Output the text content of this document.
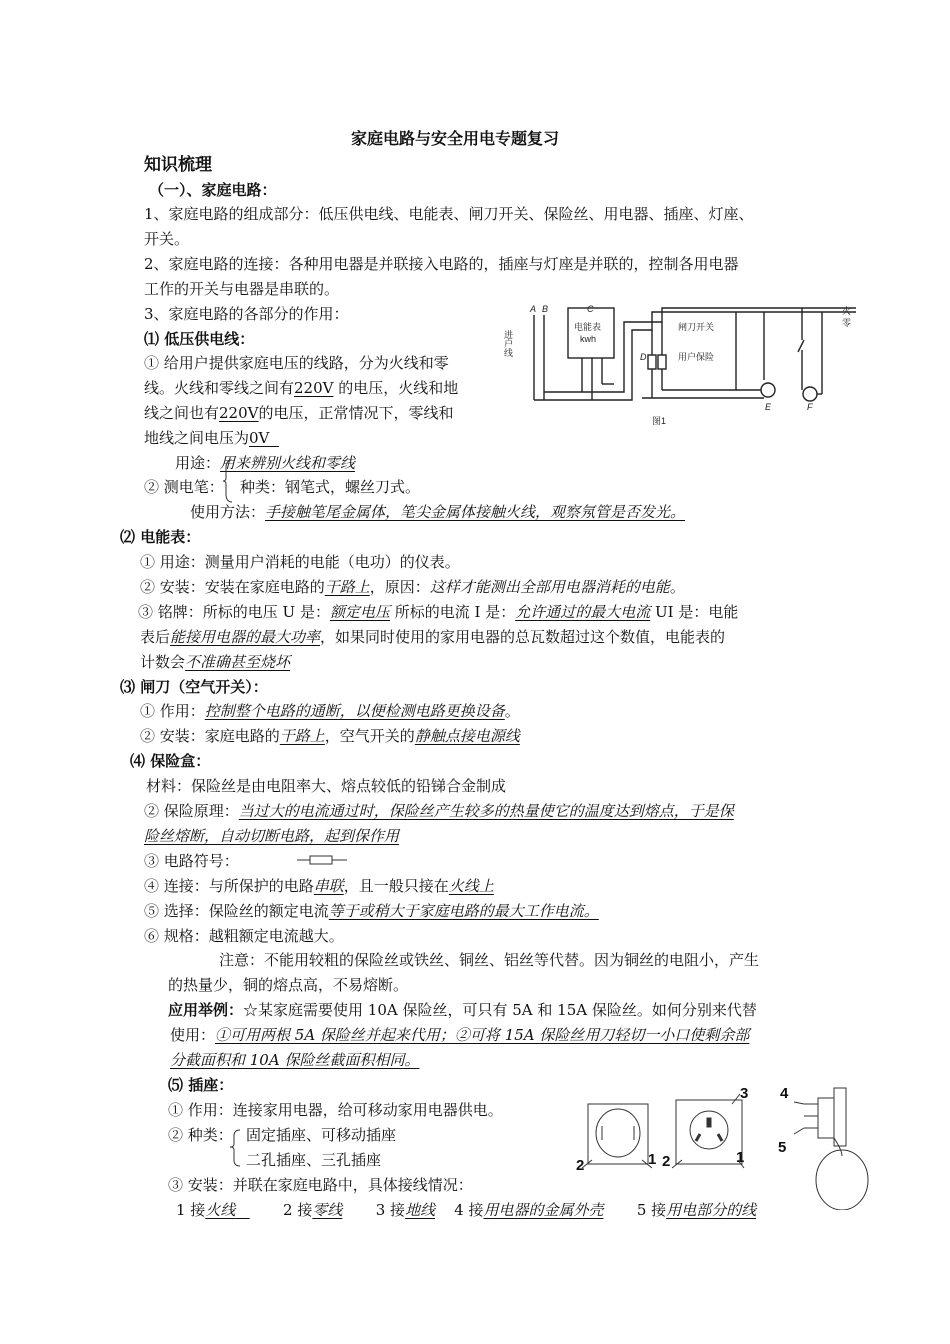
家庭电路与安全用电专题复习
知识梳理
（一）、家庭电路：
1、家庭电路的组成部分：低压供电线、电能表、闸刀开关、保险丝、用电器、插座、灯座、
开关。
2、家庭电路的连接：各种用电器是并联接入电路的，插座与灯座是并联的，控制各用电器
工作的开关与电器是串联的。
3、家庭电路的各部分的作用：
⑴ 低压供电线：
① 给用户提供家庭电压的线路，分为火线和零
线。火线和零线之间有220V 的电压，火线和地
线之间也有220V的电压，正常情况下，零线和
地线之间电压为0V
用途：用来辨别火线和零线
② 测电笔： 种类：钢笔式，螺丝刀式。
使用方法：手接触笔尾金属体，笔尖金属体接触火线，观察氖管是否发光。
A B	C
电能表
kwh
闸刀开关
用户保险
D
E	F
火
零
图1
进户线
⑵ 电能表：
① 用途：测量用户消耗的电能（电功）的仪表。
② 安装：安装在家庭电路的干路上，原因：这样才能测出全部用电器消耗的电能。
③ 铭牌：所标的电压 U 是：额定电压 所标的电流 I 是：允许通过的最大电流 UI 是：电能
表后能接用电器的最大功率，如果同时使用的家用电器的总瓦数超过这个数值，电能表的
计数会不准确甚至烧坏
⑶ 闸刀（空气开关）：
① 作用：控制整个电路的通断，以便检测电路更换设备。
② 安装：家庭电路的干路上，空气开关的静触点接电源线
⑷ 保险盒：
材料：保险丝是由电阻率大、熔点较低的铅锑合金制成
② 保险原理：当过大的电流通过时，保险丝产生较多的热量使它的温度达到熔点，于是保
险丝熔断，自动切断电路，起到保作用
③ 电路符号：
④ 连接：与所保护的电路串联，且一般只接在火线上
⑤ 选择：保险丝的额定电流等于或稍大于家庭电路的最大工作电流。
⑥ 规格：越粗额定电流越大。
注意：不能用较粗的保险丝或铁丝、铜丝、铝丝等代替。因为铜丝的电阻小，产生
的热量少，铜的熔点高，不易熔断。
应用举例：☆某家庭需要使用 10A 保险丝，可只有 5A 和 15A 保险丝。如何分别来代替
使用：①可用两根 5A 保险丝并起来代用；②可将 15A 保险丝用刀轻切一小口使剩余部
分截面积和 10A 保险丝截面积相同。
⑸ 插座：
① 作用：连接家用电器，给可移动家用电器供电。
② 种类： 固定插座、可移动插座
二孔插座、三孔插座
③ 安装：并联在家庭电路中，具体接线情况：
1 接火线	2 接零线 3 接地线 4 接用电器的金属外壳 5 接用电部分的线
2	1 2	1
3 4
5
